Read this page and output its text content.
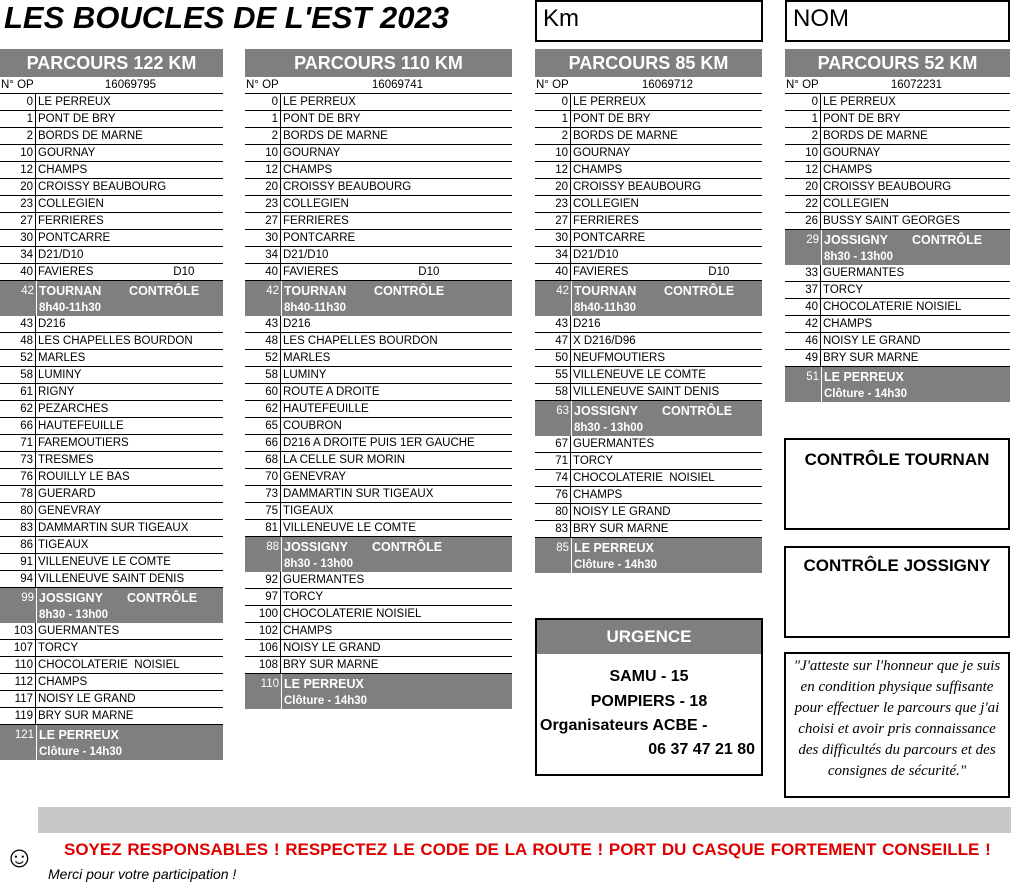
LES BOUCLES DE L'EST 2023	Km	NOM
PARCOURS 122 KM
N° OP	16069795
0 LE PERREUX
1 PONT DE BRY
2 BORDS DE MARNE
10 GOURNAY
12 CHAMPS
20 CROISSY BEAUBOURG
23 COLLEGIEN
27 FERRIERES
30 PONTCARRE
34 D21/D10
40 FAVIERES                         D10
42 TOURNAN        CONTRÔLE
8h40-11h30
43 D216
48 LES CHAPELLES BOURDON
52 MARLES
58 LUMINY
61 RIGNY
62 PEZARCHES
66 HAUTEFEUILLE
71 FAREMOUTIERS
73 TRESMES
76 ROUILLY LE BAS
78 GUERARD
80 GENEVRAY
83 DAMMARTIN SUR TIGEAUX
86 TIGEAUX
91 VILLENEUVE LE COMTE
94 VILLENEUVE SAINT DENIS
99 JOSSIGNY       CONTRÔLE
8h30 - 13h00
103 GUERMANTES
107 TORCY
110 CHOCOLATERIE  NOISIEL
112 CHAMPS
117 NOISY LE GRAND
119 BRY SUR MARNE
121 LE PERREUX
Clôture - 14h30
PARCOURS 110 KM
N° OP	16069741
0 LE PERREUX
1 PONT DE BRY
2 BORDS DE MARNE
10 GOURNAY
12 CHAMPS
20 CROISSY BEAUBOURG
23 COLLEGIEN
27 FERRIERES
30 PONTCARRE
34 D21/D10
40 FAVIERES                         D10
42 TOURNAN        CONTRÔLE
8h40-11h30
43 D216
48 LES CHAPELLES BOURDON
52 MARLES
58 LUMINY
60 ROUTE A DROITE
62 HAUTEFEUILLE
65 COUBRON
66 D216 A DROITE PUIS 1ER GAUCHE
68 LA CELLE SUR MORIN
70 GENEVRAY
73 DAMMARTIN SUR TIGEAUX
75 TIGEAUX
81 VILLENEUVE LE COMTE
88 JOSSIGNY       CONTRÔLE
8h30 - 13h00
92 GUERMANTES
97 TORCY
100 CHOCOLATERIE NOISIEL
102 CHAMPS
106 NOISY LE GRAND
108 BRY SUR MARNE
110 LE PERREUX
Clôture - 14h30
PARCOURS 85 KM
N° OP	16069712
0 LE PERREUX
1 PONT DE BRY
2 BORDS DE MARNE
10 GOURNAY
12 CHAMPS
20 CROISSY BEAUBOURG
23 COLLEGIEN
27 FERRIERES
30 PONTCARRE
34 D21/D10
40 FAVIERES                         D10
42 TOURNAN        CONTRÔLE
8h40-11h30
43 D216
47 X D216/D96
50 NEUFMOUTIERS
55 VILLENEUVE LE COMTE
58 VILLENEUVE SAINT DENIS
63 JOSSIGNY       CONTRÔLE
8h30 - 13h00
67 GUERMANTES
71 TORCY
74 CHOCOLATERIE  NOISIEL
76 CHAMPS
80 NOISY LE GRAND
83 BRY SUR MARNE
85 LE PERREUX
Clôture - 14h30
PARCOURS 52 KM
N° OP	16072231
0 LE PERREUX
1 PONT DE BRY
2 BORDS DE MARNE
10 GOURNAY
12 CHAMPS
20 CROISSY BEAUBOURG
22 COLLEGIEN
26 BUSSY SAINT GEORGES
29 JOSSIGNY       CONTRÔLE
8h30 - 13h00
33 GUERMANTES
37 TORCY
40 CHOCOLATERIE NOISIEL
42 CHAMPS
46 NOISY LE GRAND
49 BRY SUR MARNE
51 LE PERREUX
Clôture - 14h30
CONTRÔLE TOURNAN
CONTRÔLE JOSSIGNY
URGENCE
SAMU - 15
POMPIERS - 18
Organisateurs ACBE -
06 37 47 21 80
"J'atteste sur l'honneur que je suis
en condition physique suffisante
pour effectuer le parcours que j'ai
choisi et avoir pris connaissance
des difficultés du parcours et des
consignes de sécurité."
☺ SOYEZ RESPONSABLES ! RESPECTEZ LE CODE DE LA ROUTE ! PORT DU CASQUE FORTEMENT CONSEILLE !
Merci pour votre participation !
